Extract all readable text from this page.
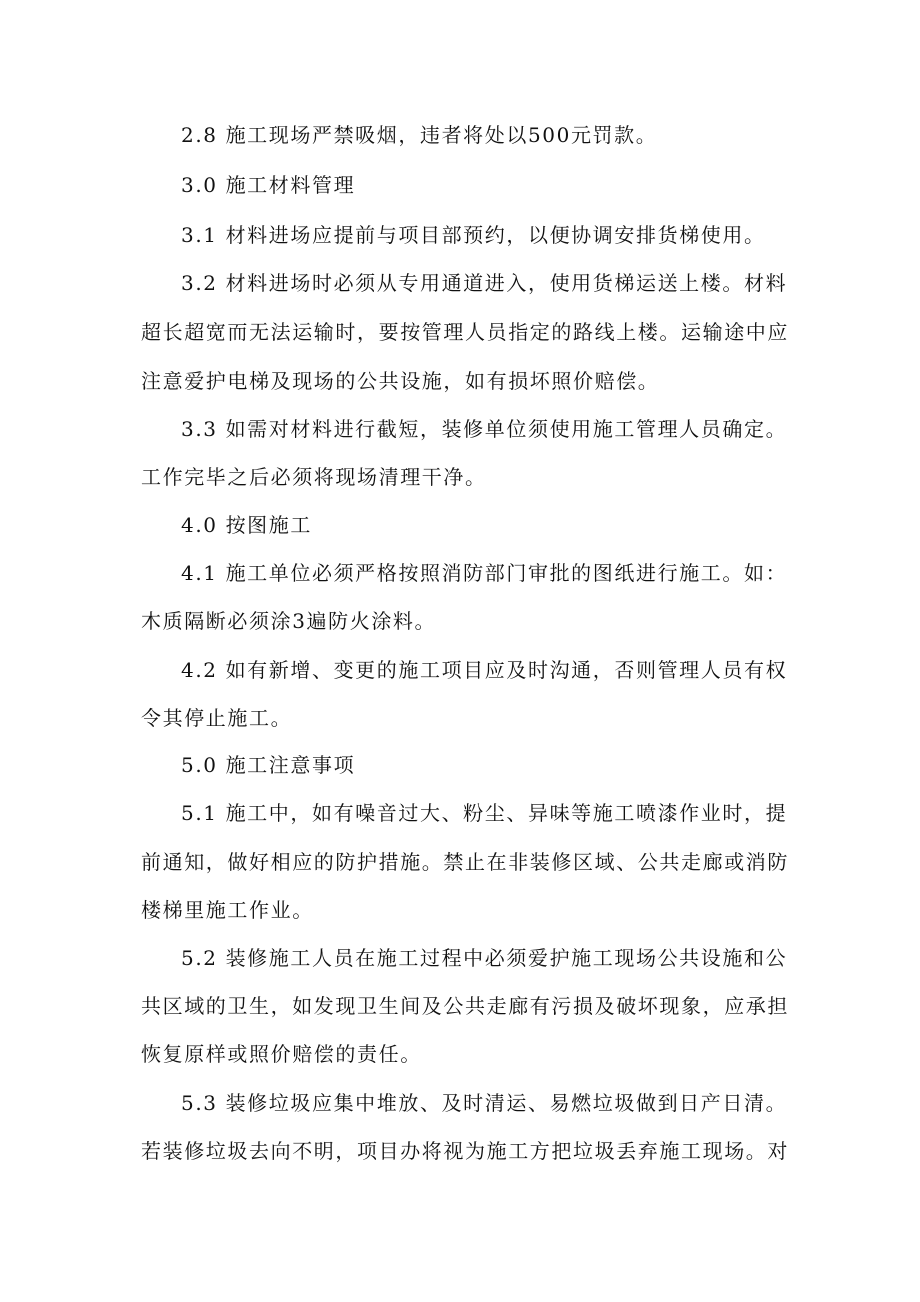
2.8 施工现场严禁吸烟，违者将处以500元罚款。

3.0 施工材料管理

3.1 材料进场应提前与项目部预约，以便协调安排货梯使用。

3.2 材料进场时必须从专用通道进入，使用货梯运送上楼。材料

超长超宽而无法运输时，要按管理人员指定的路线上楼。运输途中应

注意爱护电梯及现场的公共设施，如有损坏照价赔偿。

3.3 如需对材料进行截短，装修单位须使用施工管理人员确定。

工作完毕之后必须将现场清理干净。

4.0 按图施工

4.1 施工单位必须严格按照消防部门审批的图纸进行施工。如：

木质隔断必须涂3遍防火涂料。

4.2 如有新增、变更的施工项目应及时沟通，否则管理人员有权

令其停止施工。

5.0 施工注意事项

5.1 施工中，如有噪音过大、粉尘、异味等施工喷漆作业时，提

前通知，做好相应的防护措施。禁止在非装修区域、公共走廊或消防

楼梯里施工作业。

5.2 装修施工人员在施工过程中必须爱护施工现场公共设施和公

共区域的卫生，如发现卫生间及公共走廊有污损及破坏现象，应承担

恢复原样或照价赔偿的责任。

5.3 装修垃圾应集中堆放、及时清运、易燃垃圾做到日产日清。

若装修垃圾去向不明，项目办将视为施工方把垃圾丢弃施工现场。对
